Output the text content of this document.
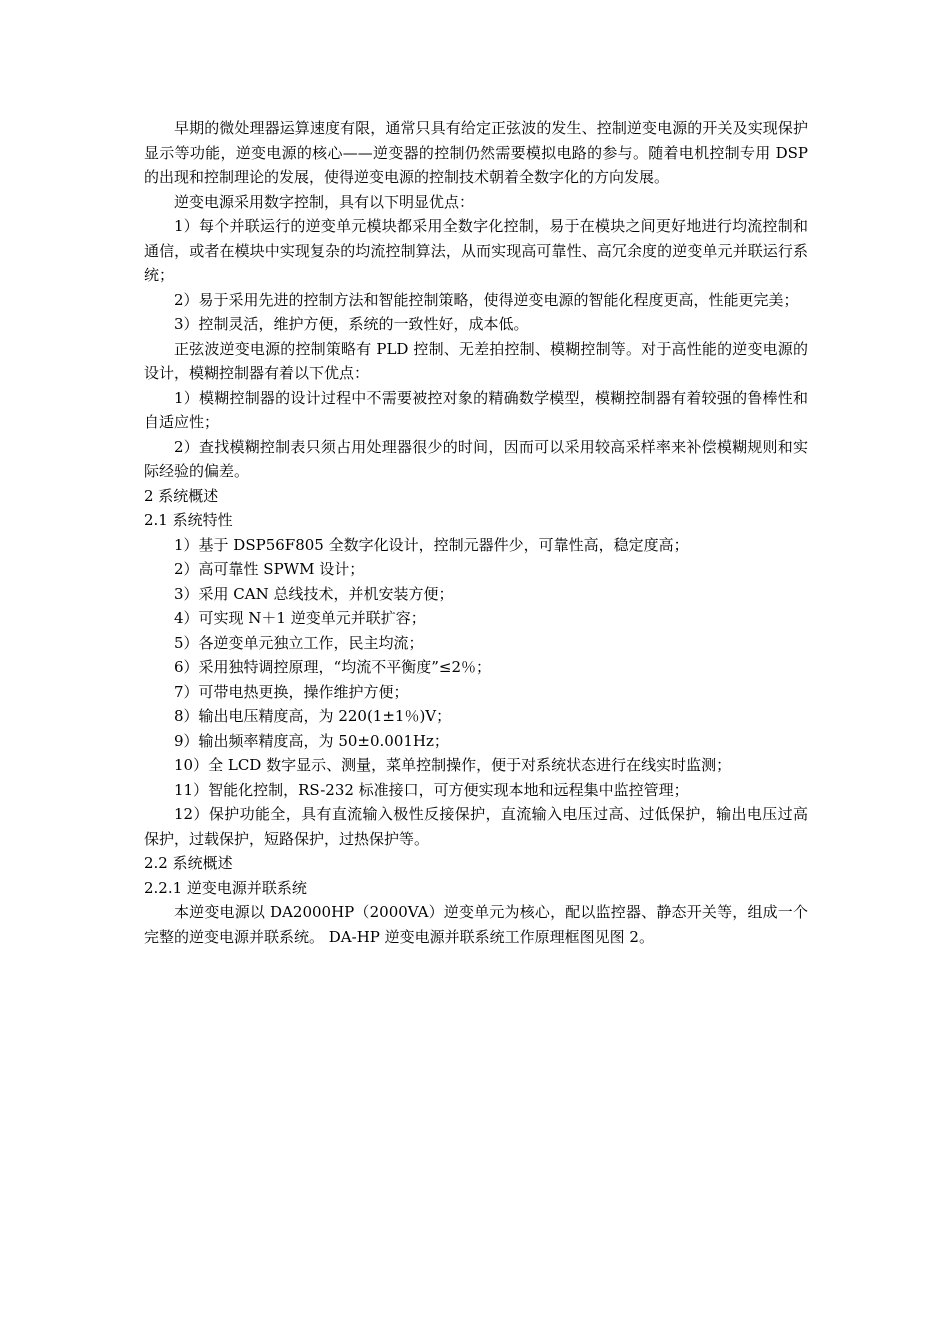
早期的微处理器运算速度有限，通常只具有给定正弦波的发生、控制逆变电源的开关及实现保护显示等功能，逆变电源的核心——逆变器的控制仍然需要模拟电路的参与。随着电机控制专用 DSP 的出现和控制理论的发展，使得逆变电源的控制技术朝着全数字化的方向发展。

逆变电源采用数字控制，具有以下明显优点：

1）每个并联运行的逆变单元模块都采用全数字化控制，易于在模块之间更好地进行均流控制和通信，或者在模块中实现复杂的均流控制算法，从而实现高可靠性、高冗余度的逆变单元并联运行系统；

2）易于采用先进的控制方法和智能控制策略，使得逆变电源的智能化程度更高，性能更完美；

3）控制灵活，维护方便，系统的一致性好，成本低。

正弦波逆变电源的控制策略有 PLD 控制、无差拍控制、模糊控制等。对于高性能的逆变电源的设计，模糊控制器有着以下优点：

1）模糊控制器的设计过程中不需要被控对象的精确数学模型，模糊控制器有着较强的鲁棒性和自适应性；

2）查找模糊控制表只须占用处理器很少的时间，因而可以采用较高采样率来补偿模糊规则和实际经验的偏差。

2 系统概述

2.1 系统特性

1）基于 DSP56F805 全数字化设计，控制元器件少，可靠性高，稳定度高；

2）高可靠性 SPWM 设计；

3）采用 CAN 总线技术，并机安装方便；

4）可实现 N＋1 逆变单元并联扩容；

5）各逆变单元独立工作，民主均流；

6）采用独特调控原理，“均流不平衡度”≤2％；

7）可带电热更换，操作维护方便；

8）输出电压精度高，为 220(1±1％)V；

9）输出频率精度高，为 50±0.001Hz；

10）全 LCD 数字显示、测量，菜单控制操作，便于对系统状态进行在线实时监测；

11）智能化控制，RS-232 标准接口，可方便实现本地和远程集中监控管理；

12）保护功能全，具有直流输入极性反接保护，直流输入电压过高、过低保护，输出电压过高保护，过载保护，短路保护，过热保护等。

2.2 系统概述

2.2.1 逆变电源并联系统

本逆变电源以 DA2000HP（2000VA）逆变单元为核心，配以监控器、静态开关等，组成一个完整的逆变电源并联系统。 DA-HP 逆变电源并联系统工作原理框图见图 2。
